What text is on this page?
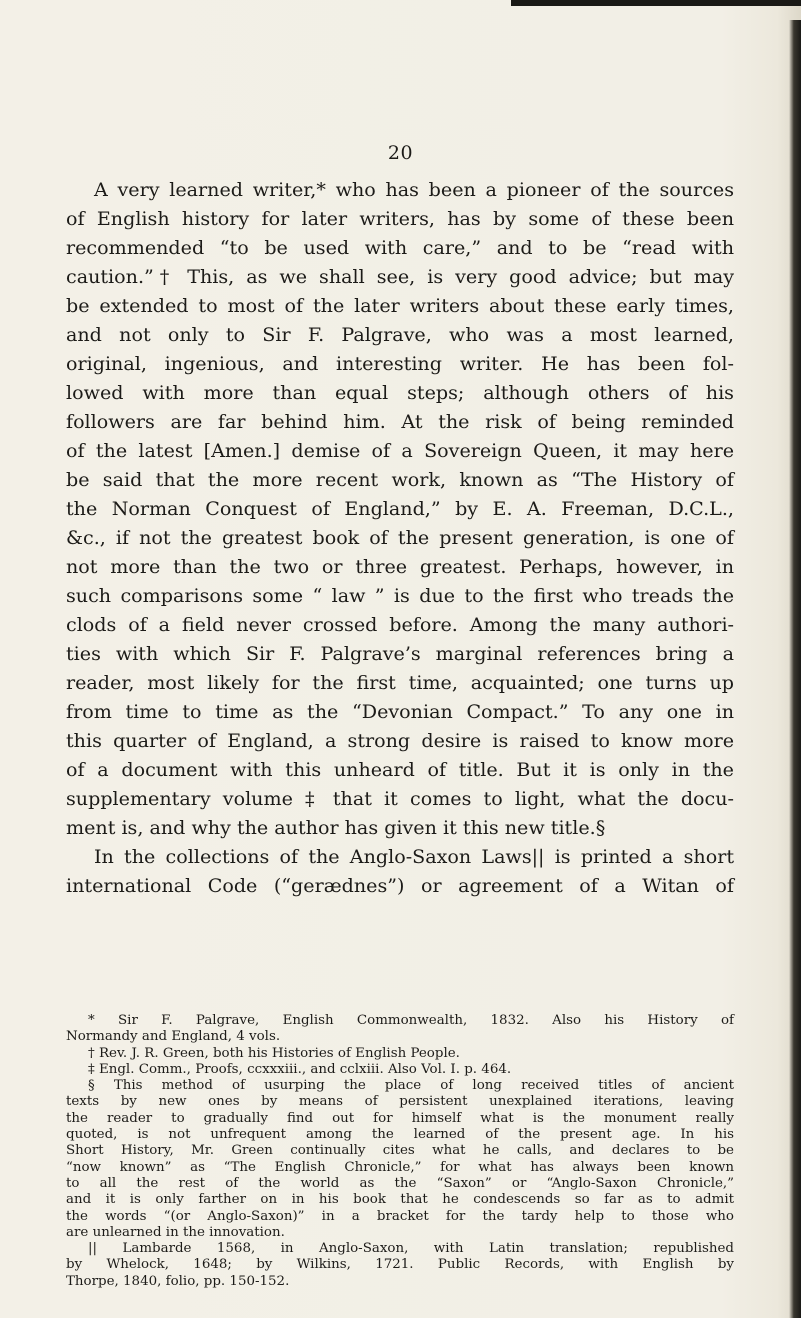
20
A very learned writer,* who has been a pioneer of the sources
of English history for later writers, has by some of these been
recommended “to be used with care,” and to be “read with
caution.”† This, as we shall see, is very good advice; but may
be extended to most of the later writers about these early times,
and not only to Sir F. Palgrave, who was a most learned,
original, ingenious, and interesting writer. He has been fol-
lowed with more than equal steps; although others of his
followers are far behind him. At the risk of being reminded
of the latest [Amen.] demise of a Sovereign Queen, it may here
be said that the more recent work, known as “The History of
the Norman Conquest of England,” by E. A. Freeman, D.C.L.,
&c., if not the greatest book of the present generation, is one of
not more than the two or three greatest. Perhaps, however, in
such comparisons some “ law ” is due to the first who treads the
clods of a field never crossed before. Among the many authori-
ties with which Sir F. Palgrave’s marginal references bring a
reader, most likely for the first time, acquainted; one turns up
from time to time as the “Devonian Compact.” To any one in
this quarter of England, a strong desire is raised to know more
of a document with this unheard of title. But it is only in the
supplementary volume ‡ that it comes to light, what the docu-
ment is, and why the author has given it this new title.§
In the collections of the Anglo-Saxon Laws|| is printed a short
international Code (“gerædnes”) or agreement of a Witan of
* Sir F. Palgrave, English Commonwealth, 1832. Also his History of
Normandy and England, 4 vols.
† Rev. J. R. Green, both his Histories of English People.
‡ Engl. Comm., Proofs, ccxxxiii., and cclxiii. Also Vol. I. p. 464.
§ This method of usurping the place of long received titles of ancient
texts by new ones by means of persistent unexplained iterations, leaving
the reader to gradually find out for himself what is the monument really
quoted, is not unfrequent among the learned of the present age. In his
Short History, Mr. Green continually cites what he calls, and declares to be
“now known” as “The English Chronicle,” for what has always been known
to all the rest of the world as the “Saxon” or “Anglo-Saxon Chronicle,”
and it is only farther on in his book that he condescends so far as to admit
the words “(or Anglo-Saxon)” in a bracket for the tardy help to those who
are unlearned in the innovation.
|| Lambarde 1568, in Anglo-Saxon, with Latin translation; republished
by Whelock, 1648; by Wilkins, 1721. Public Records, with English by
Thorpe, 1840, folio, pp. 150-152.
